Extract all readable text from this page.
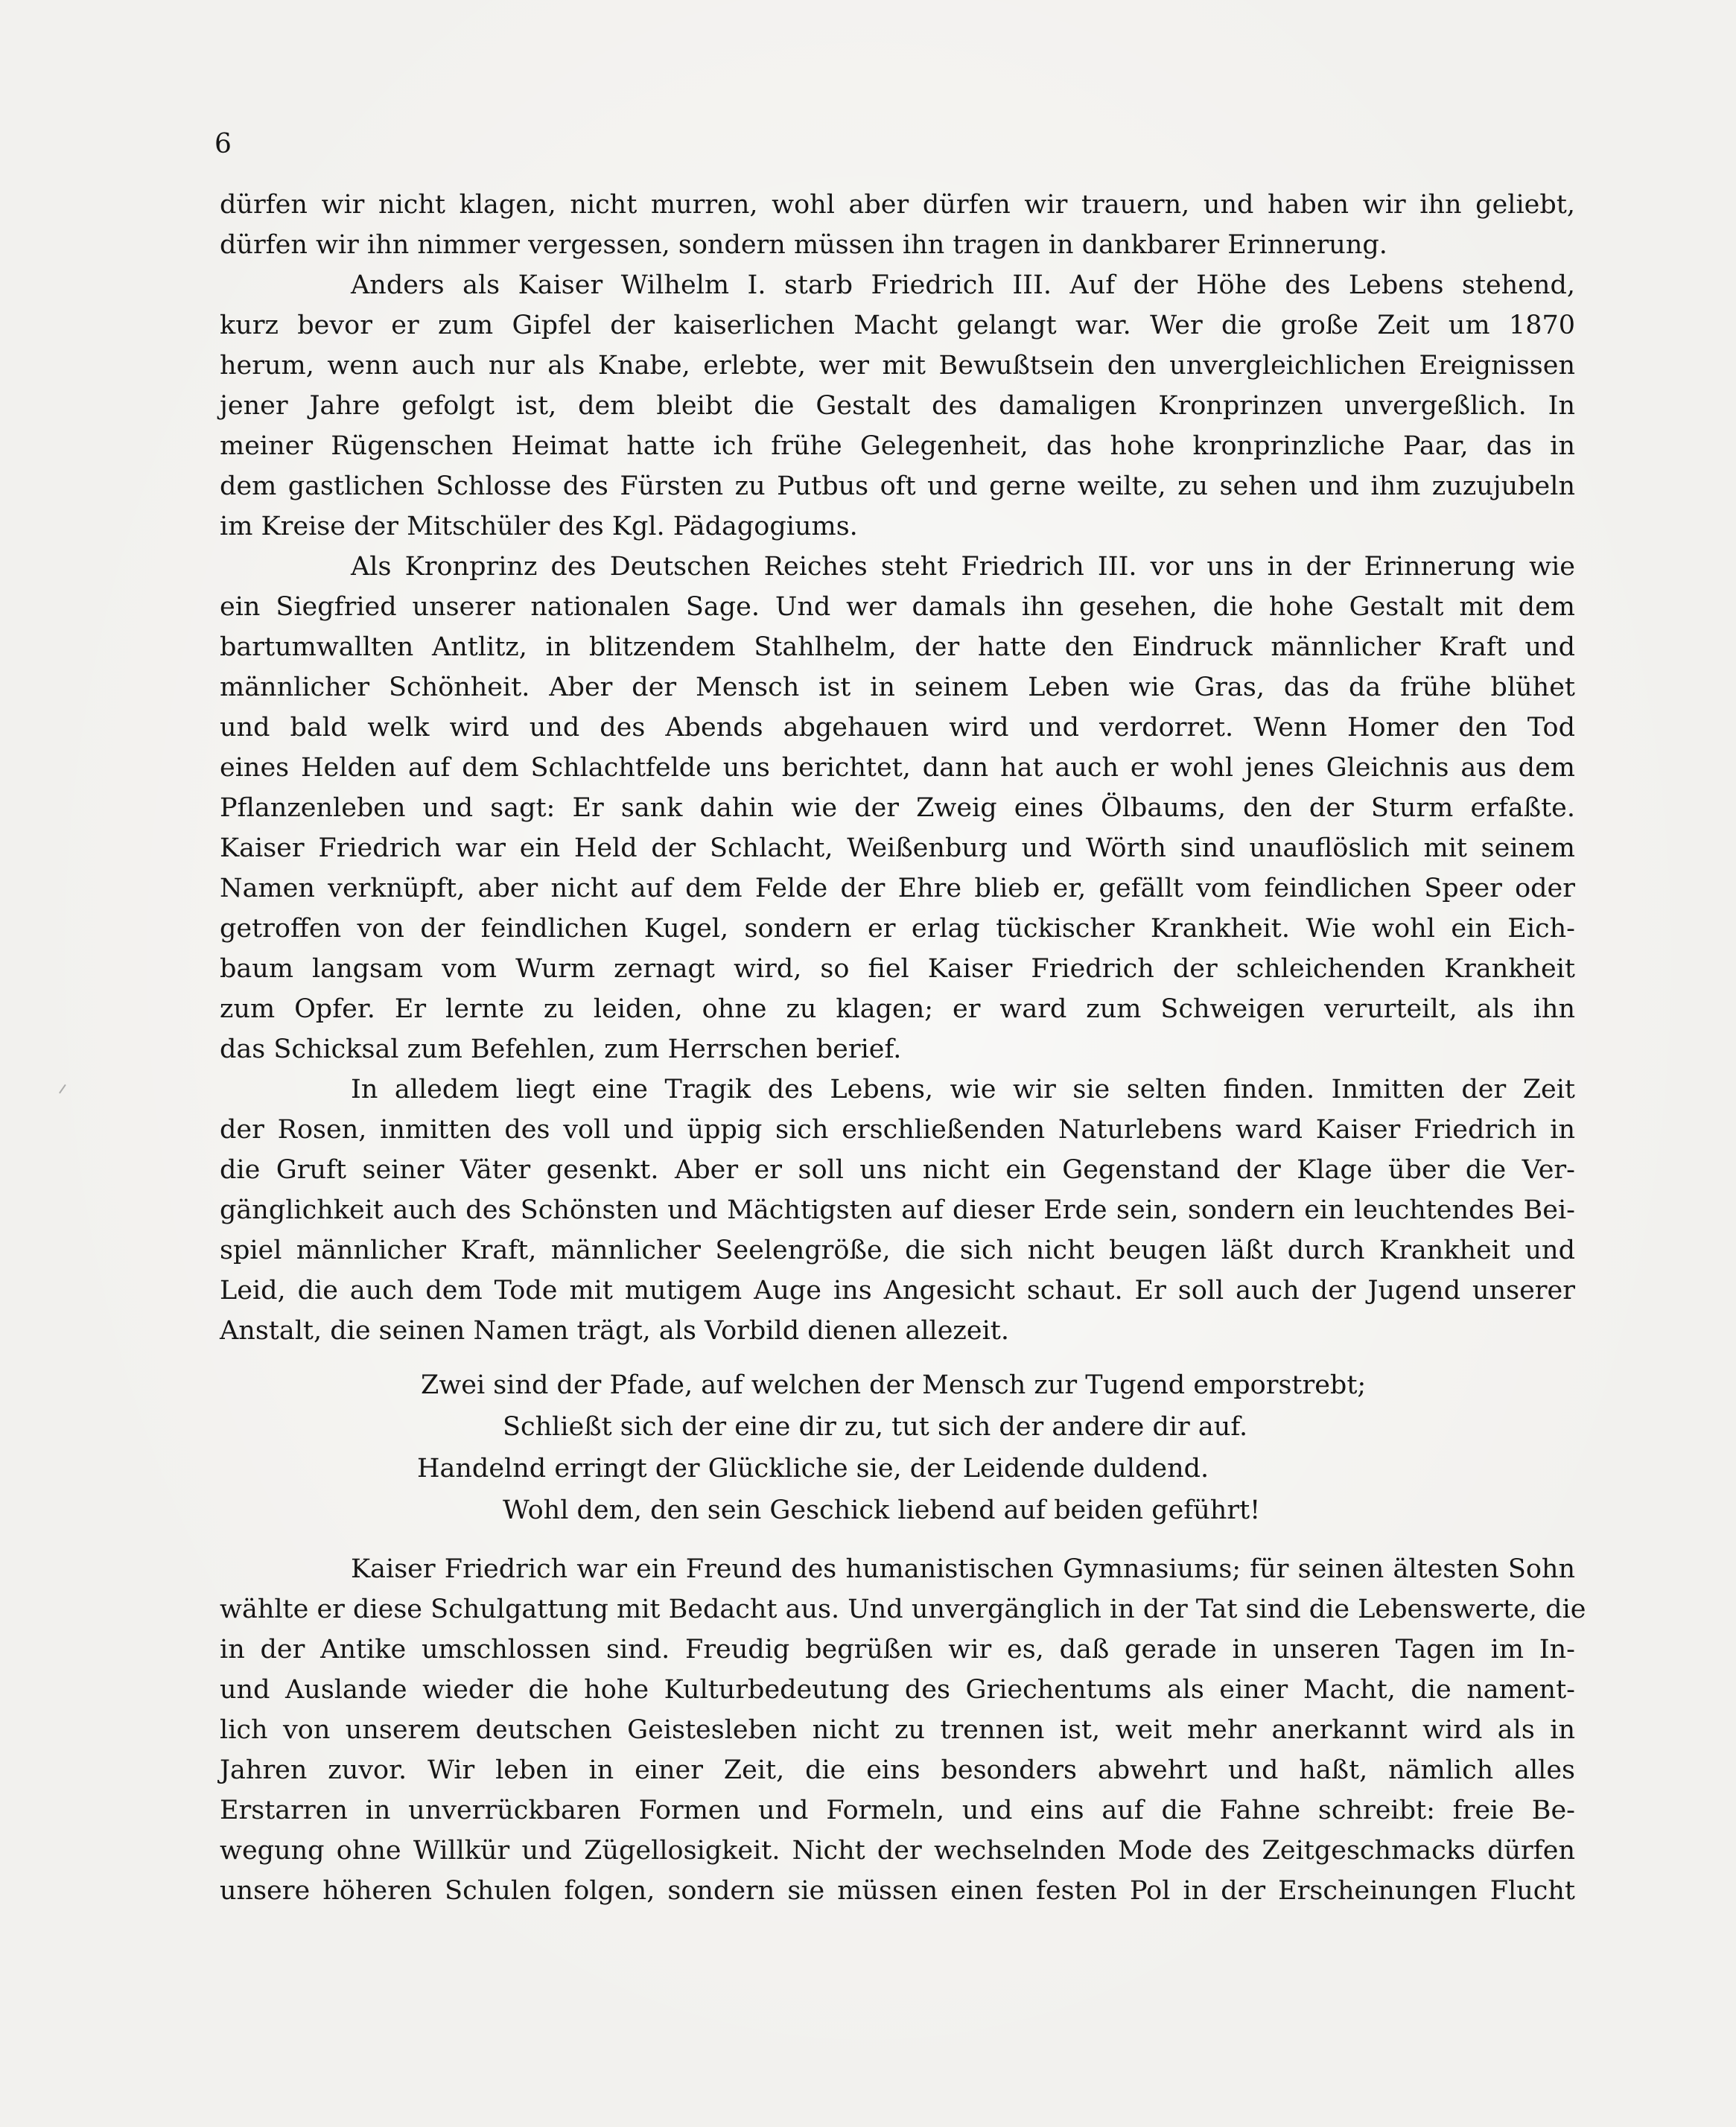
6
dürfen wir nicht klagen, nicht murren, wohl aber dürfen wir trauern, und haben wir ihn geliebt,
dürfen wir ihn nimmer vergessen, sondern müssen ihn tragen in dankbarer Erinnerung.
Anders als Kaiser Wilhelm I. starb Friedrich III. Auf der Höhe des Lebens stehend,
kurz bevor er zum Gipfel der kaiserlichen Macht gelangt war. Wer die große Zeit um 1870
herum, wenn auch nur als Knabe, erlebte, wer mit Bewußtsein den unvergleichlichen Ereignissen
jener Jahre gefolgt ist, dem bleibt die Gestalt des damaligen Kronprinzen unvergeßlich. In
meiner Rügenschen Heimat hatte ich frühe Gelegenheit, das hohe kronprinzliche Paar, das in
dem gastlichen Schlosse des Fürsten zu Putbus oft und gerne weilte, zu sehen und ihm zuzujubeln
im Kreise der Mitschüler des Kgl. Pädagogiums.
Als Kronprinz des Deutschen Reiches steht Friedrich III. vor uns in der Erinnerung wie
ein Siegfried unserer nationalen Sage. Und wer damals ihn gesehen, die hohe Gestalt mit dem
bartumwallten Antlitz, in blitzendem Stahlhelm, der hatte den Eindruck männlicher Kraft und
männlicher Schönheit. Aber der Mensch ist in seinem Leben wie Gras, das da frühe blühet
und bald welk wird und des Abends abgehauen wird und verdorret. Wenn Homer den Tod
eines Helden auf dem Schlachtfelde uns berichtet, dann hat auch er wohl jenes Gleichnis aus dem
Pflanzenleben und sagt: Er sank dahin wie der Zweig eines Ölbaums, den der Sturm erfaßte.
Kaiser Friedrich war ein Held der Schlacht, Weißenburg und Wörth sind unauflöslich mit seinem
Namen verknüpft, aber nicht auf dem Felde der Ehre blieb er, gefällt vom feindlichen Speer oder
getroffen von der feindlichen Kugel, sondern er erlag tückischer Krankheit. Wie wohl ein Eich-
baum langsam vom Wurm zernagt wird, so fiel Kaiser Friedrich der schleichenden Krankheit
zum Opfer. Er lernte zu leiden, ohne zu klagen; er ward zum Schweigen verurteilt, als ihn
das Schicksal zum Befehlen, zum Herrschen berief.
In alledem liegt eine Tragik des Lebens, wie wir sie selten finden. Inmitten der Zeit
der Rosen, inmitten des voll und üppig sich erschließenden Naturlebens ward Kaiser Friedrich in
die Gruft seiner Väter gesenkt. Aber er soll uns nicht ein Gegenstand der Klage über die Ver-
gänglichkeit auch des Schönsten und Mächtigsten auf dieser Erde sein, sondern ein leuchtendes Bei-
spiel männlicher Kraft, männlicher Seelengröße, die sich nicht beugen läßt durch Krankheit und
Leid, die auch dem Tode mit mutigem Auge ins Angesicht schaut. Er soll auch der Jugend unserer
Anstalt, die seinen Namen trägt, als Vorbild dienen allezeit.
Zwei sind der Pfade, auf welchen der Mensch zur Tugend emporstrebt;
Schließt sich der eine dir zu, tut sich der andere dir auf.
Handelnd erringt der Glückliche sie, der Leidende duldend.
Wohl dem, den sein Geschick liebend auf beiden geführt!
Kaiser Friedrich war ein Freund des humanistischen Gymnasiums; für seinen ältesten Sohn
wählte er diese Schulgattung mit Bedacht aus. Und unvergänglich in der Tat sind die Lebenswerte, die
in der Antike umschlossen sind. Freudig begrüßen wir es, daß gerade in unseren Tagen im In-
und Auslande wieder die hohe Kulturbedeutung des Griechentums als einer Macht, die nament-
lich von unserem deutschen Geistesleben nicht zu trennen ist, weit mehr anerkannt wird als in
Jahren zuvor. Wir leben in einer Zeit, die eins besonders abwehrt und haßt, nämlich alles
Erstarren in unverrückbaren Formen und Formeln, und eins auf die Fahne schreibt: freie Be-
wegung ohne Willkür und Zügellosigkeit. Nicht der wechselnden Mode des Zeitgeschmacks dürfen
unsere höheren Schulen folgen, sondern sie müssen einen festen Pol in der Erscheinungen Flucht
